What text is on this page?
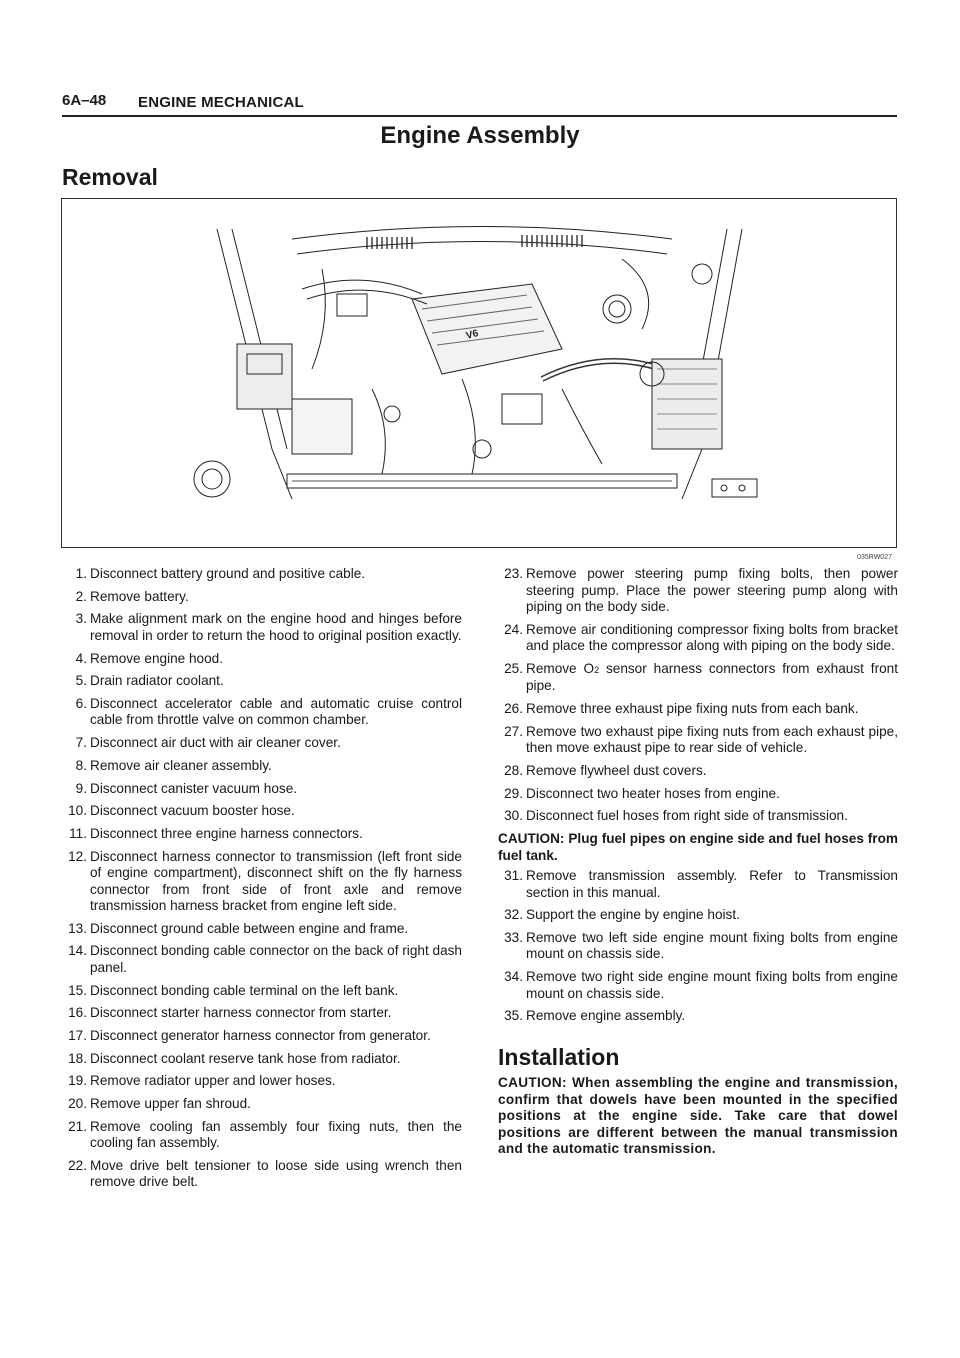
6A–48 ENGINE MECHANICAL
Engine Assembly
Removal
V6
035RW027
1. Disconnect battery ground and positive cable.
2. Remove battery.
3. Make alignment mark on the engine hood and hinges before removal in order to return the hood to original position exactly.
4. Remove engine hood.
5. Drain radiator coolant.
6. Disconnect accelerator cable and automatic cruise control cable from throttle valve on common chamber.
7. Disconnect air duct with air cleaner cover.
8. Remove air cleaner assembly.
9. Disconnect canister vacuum hose.
10. Disconnect vacuum booster hose.
11. Disconnect three engine harness connectors.
12. Disconnect harness connector to transmission (left front side of engine compartment), disconnect shift on the fly harness connector from front side of front axle and remove transmission harness bracket from engine left side.
13. Disconnect ground cable between engine and frame.
14. Disconnect bonding cable connector on the back of right dash panel.
15. Disconnect bonding cable terminal on the left bank.
16. Disconnect starter harness connector from starter.
17. Disconnect generator harness connector from generator.
18. Disconnect coolant reserve tank hose from radiator.
19. Remove radiator upper and lower hoses.
20. Remove upper fan shroud.
21. Remove cooling fan assembly four fixing nuts, then the cooling fan assembly.
22. Move drive belt tensioner to loose side using wrench then remove drive belt.
23. Remove power steering pump fixing bolts, then power steering pump. Place the power steering pump along with piping on the body side.
24. Remove air conditioning compressor fixing bolts from bracket and place the compressor along with piping on the body side.
25. Remove O2 sensor harness connectors from exhaust front pipe.
26. Remove three exhaust pipe fixing nuts from each bank.
27. Remove two exhaust pipe fixing nuts from each exhaust pipe, then move exhaust pipe to rear side of vehicle.
28. Remove flywheel dust covers.
29. Disconnect two heater hoses from engine.
30. Disconnect fuel hoses from right side of transmission.
CAUTION: Plug fuel pipes on engine side and fuel hoses from fuel tank.
31. Remove transmission assembly. Refer to Transmission section in this manual.
32. Support the engine by engine hoist.
33. Remove two left side engine mount fixing bolts from engine mount on chassis side.
34. Remove two right side engine mount fixing bolts from engine mount on chassis side.
35. Remove engine assembly.
Installation
CAUTION: When assembling the engine and transmission, confirm that dowels have been mounted in the specified positions at the engine side. Take care that dowel positions are different between the manual transmission and the automatic transmission.
